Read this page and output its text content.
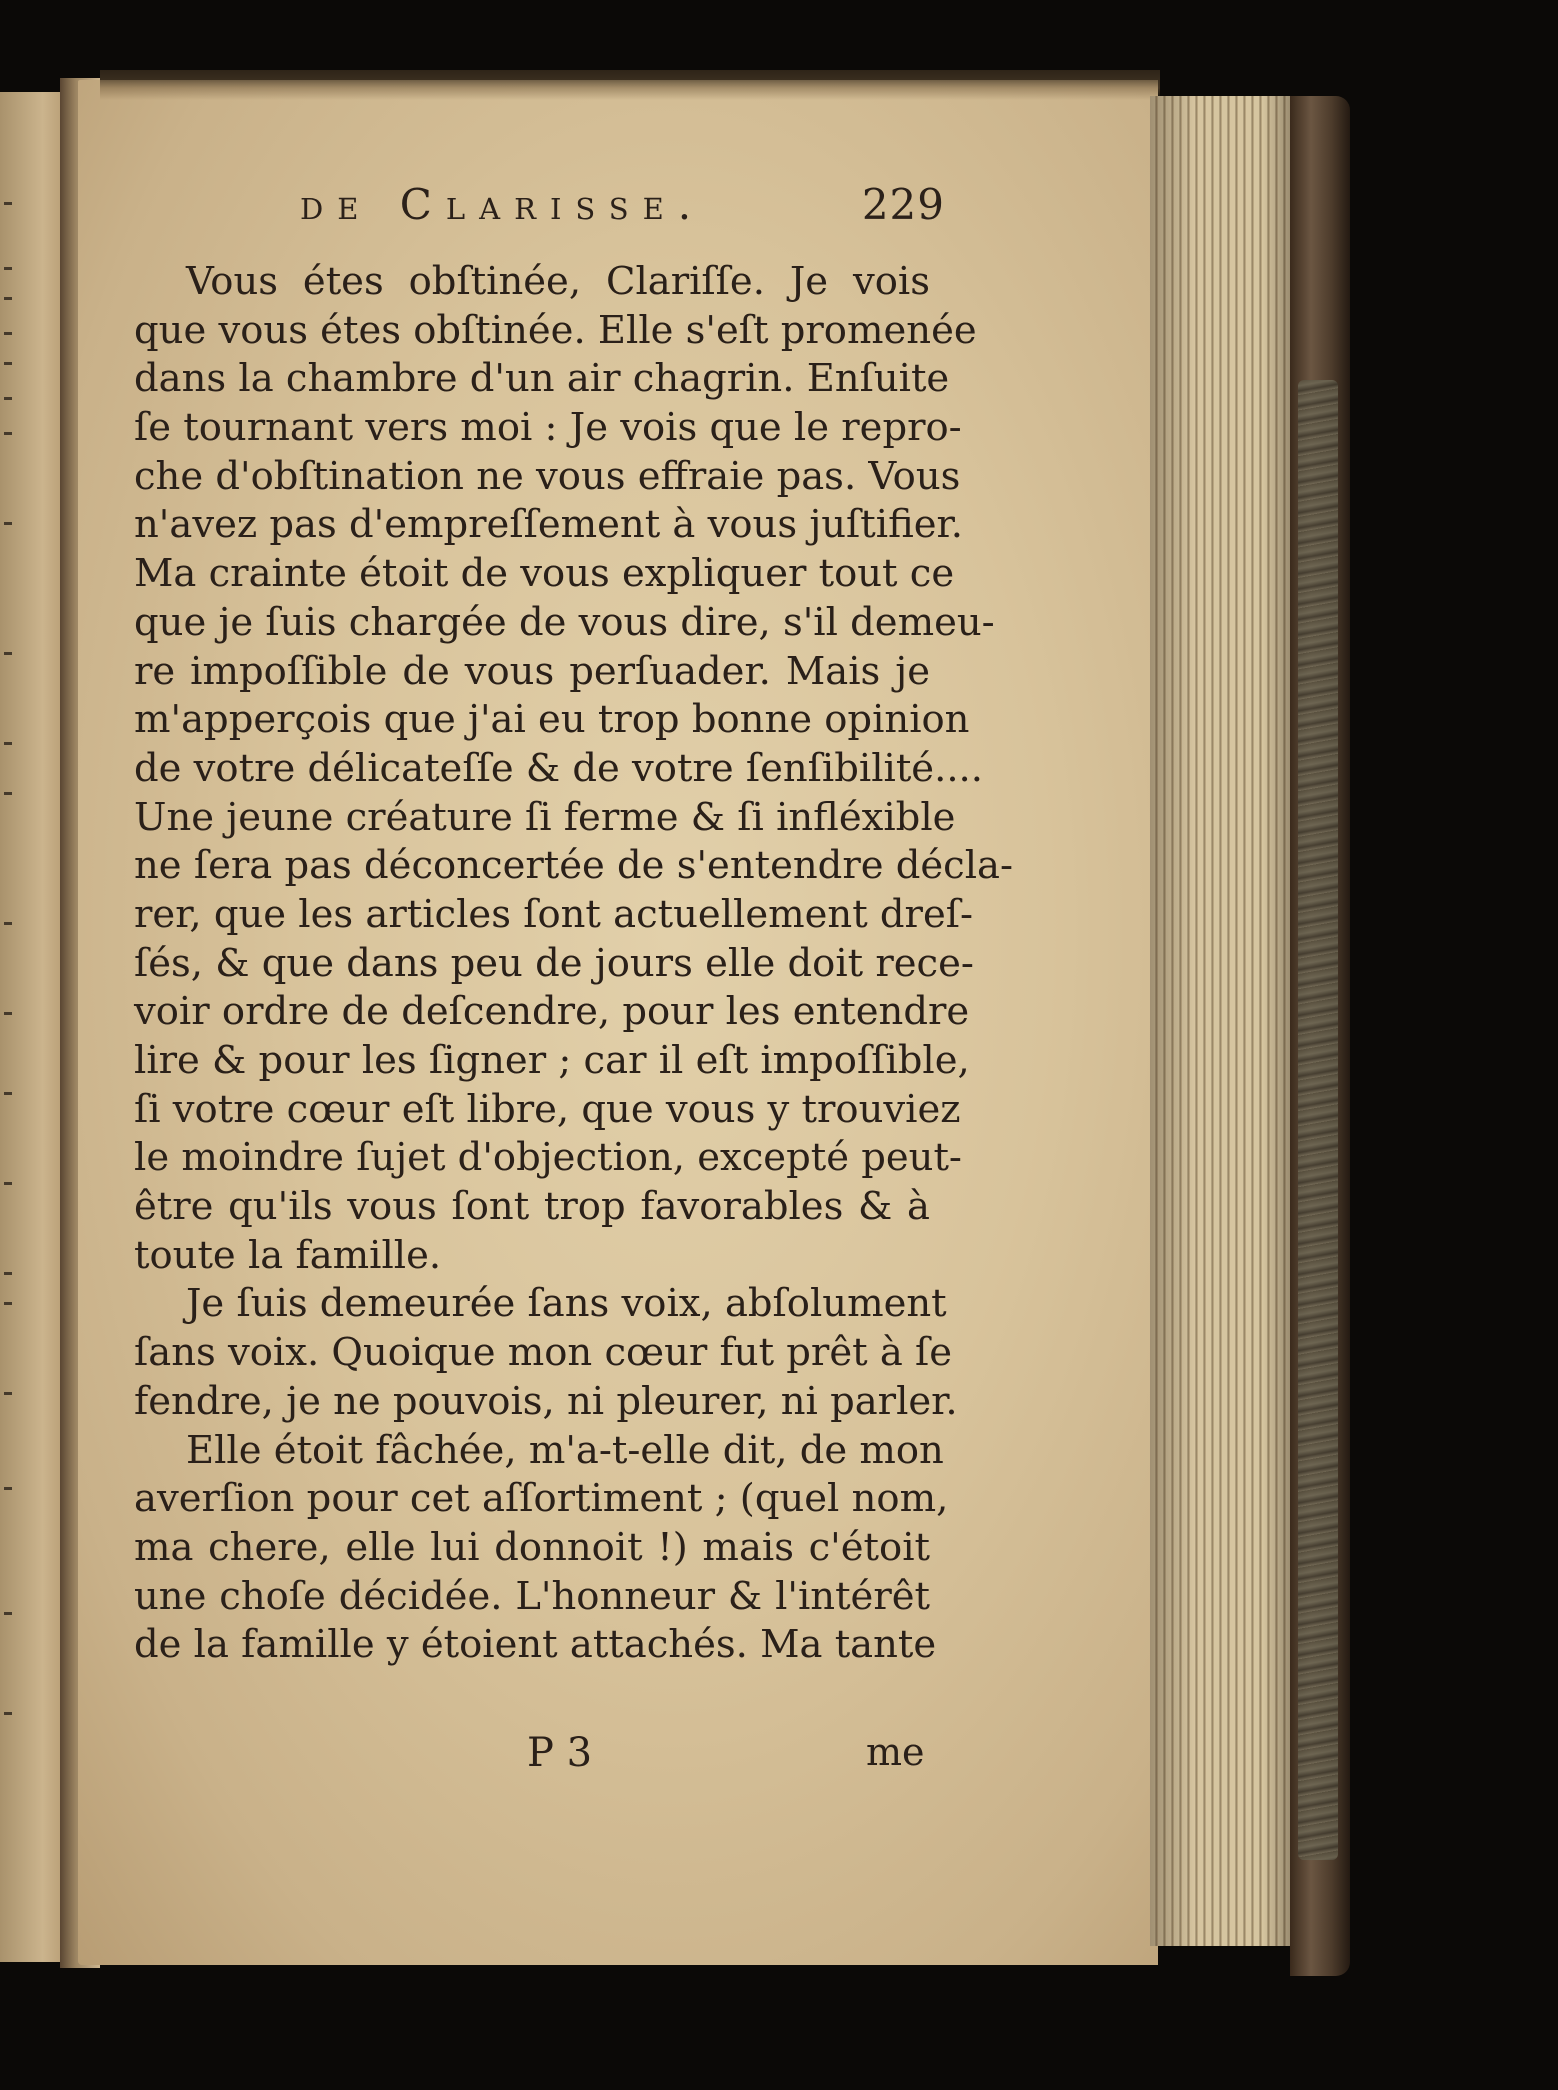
de Clarisse.	229
Vous étes obſtinée, Clariſſe. Je vois
que vous étes obſtinée. Elle s'eſt promenée
dans la chambre d'un air chagrin. Enſuite
ſe tournant vers moi : Je vois que le repro-
che d'obſtination ne vous effraie pas. Vous
n'avez pas d'empreſſement à vous juſtifier.
Ma crainte étoit de vous expliquer tout ce
que je ſuis chargée de vous dire, s'il demeu-
re impoſſible de vous perſuader. Mais je
m'apperçois que j'ai eu trop bonne opinion
de votre délicateſſe & de votre ſenſibilité....
Une jeune créature ſi ferme & ſi infléxible
ne ſera pas déconcertée de s'entendre décla-
rer, que les articles ſont actuellement dreſ-
ſés, & que dans peu de jours elle doit rece-
voir ordre de deſcendre, pour les entendre
lire & pour les ſigner ; car il eſt impoſſible,
ſi votre cœur eſt libre, que vous y trouviez
le moindre ſujet d'objection, excepté peut-
être qu'ils vous ſont trop favorables & à
toute la famille.
Je ſuis demeurée ſans voix, abſolument
ſans voix. Quoique mon cœur fut prêt à ſe
fendre, je ne pouvois, ni pleurer, ni parler.
Elle étoit fâchée, m'a-t-elle dit, de mon
averſion pour cet aſſortiment ; (quel nom,
ma chere, elle lui donnoit !) mais c'étoit
une choſe décidée. L'honneur & l'intérêt
de la famille y étoient attachés. Ma tante
P 3	me
